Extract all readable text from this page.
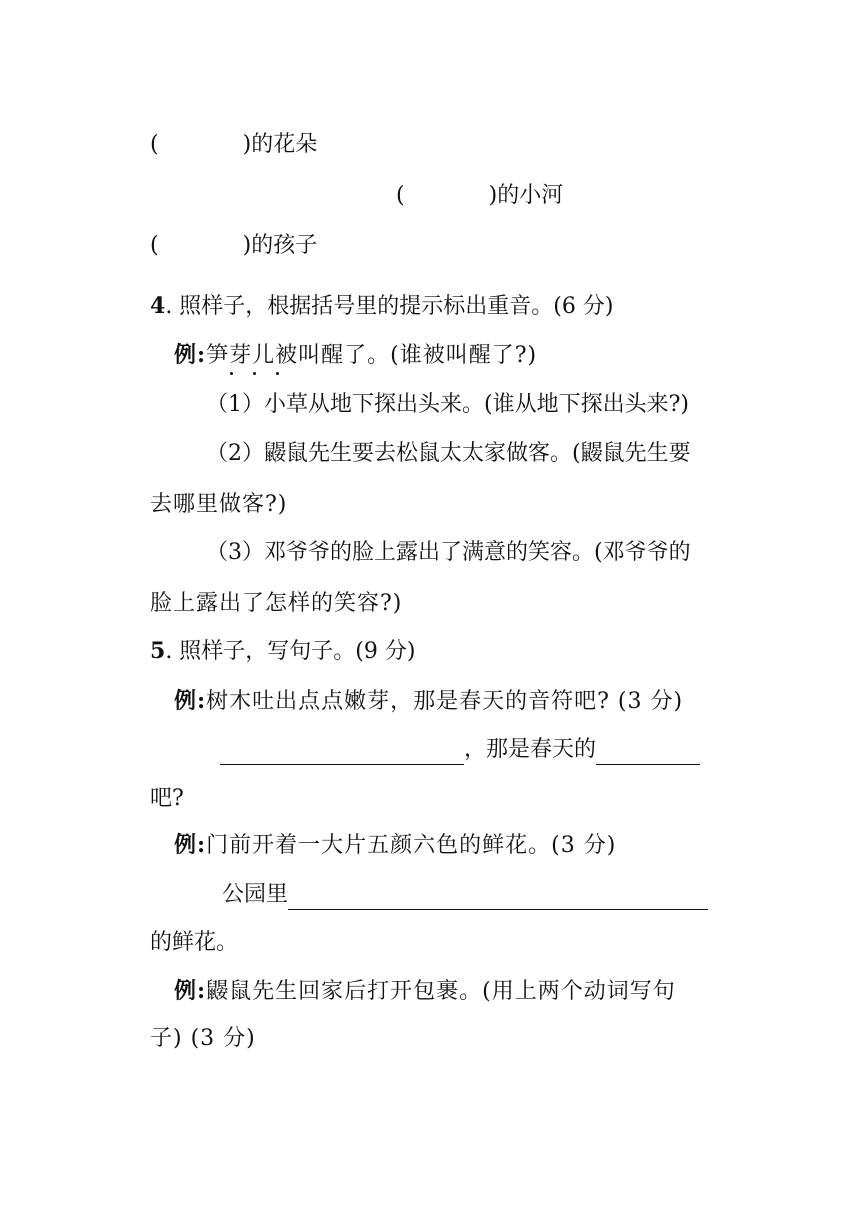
(	)的花朵
(	)的小河
(	)的孩子
4. 照样子，根据括号里的提示标出重音。(6 分)
例:笋芽儿被叫醒了。(谁被叫醒了?)
（1）小草从地下探出头来。(谁从地下探出头来?)
（2）鼹鼠先生要去松鼠太太家做客。(鼹鼠先生要
去哪里做客?)
（3）邓爷爷的脸上露出了满意的笑容。(邓爷爷的
脸上露出了怎样的笑容?)
5. 照样子，写句子。(9 分)
例:树木吐出点点嫩芽，那是春天的音符吧? (3 分)
，那是春天的
吧?
例:门前开着一大片五颜六色的鲜花。(3 分)
公园里
的鲜花。
例:鼹鼠先生回家后打开包裹。(用上两个动词写句
子) (3 分)
